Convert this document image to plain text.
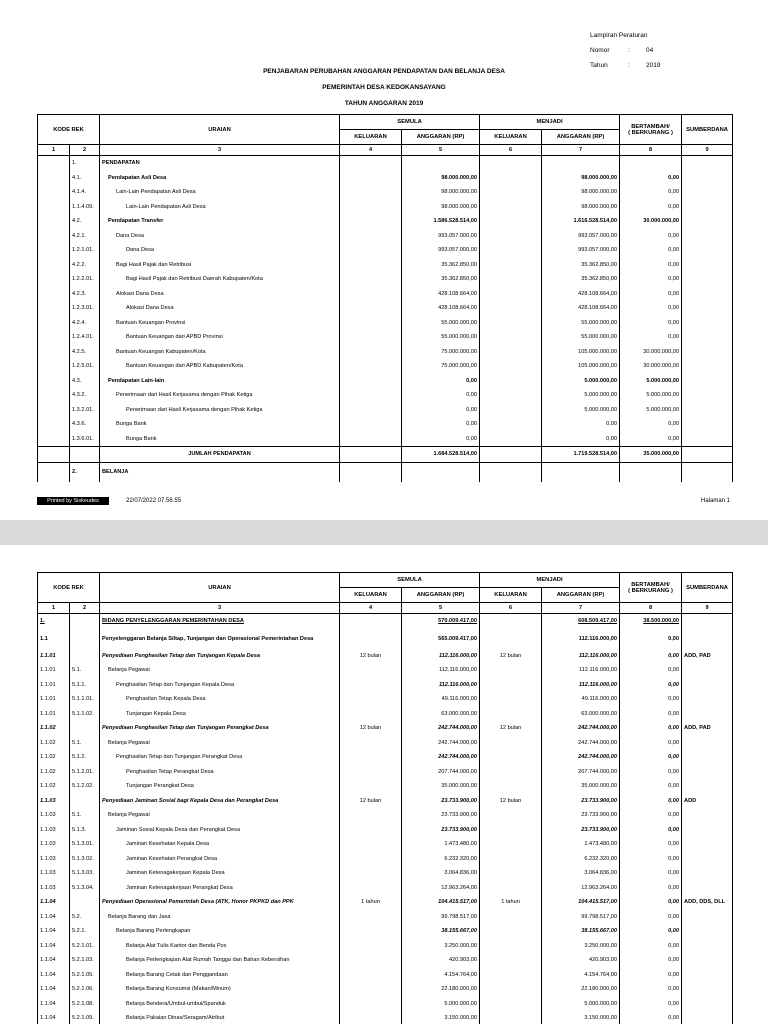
Lampiran Peraturan
Nomor	:	04
Tahun	:	2019
PENJABARAN PERUBAHAN ANGGARAN PENDAPATAN DAN BELANJA DESA
PEMERINTAH DESA KEDOKANSAYANG
TAHUN ANGGARAN 2019
KODE REK		URAIAN	SEMULA		MENJADI		BERTAMBAH/
( BERKURANG )	SUMBERDANA
			KELUARAN	ANGGARAN (RP)	KELUARAN	ANGGARAN (RP)		
1	2	3	4	5	6	7	8	9
	1.	PENDAPATAN						
	4.1.	Pendapatan Asli Desa		98.000.000,00		98.000.000,00	0,00	
	4.1.4.	Lain-Lain Pendapatan Asli Desa		98.000.000,00		98.000.000,00	0,00	
	1.1.4.09.	Lain-Lain Pendapatan Asli Desa		98.000.000,00		98.000.000,00	0,00	
	4.2.	Pendapatan Transfer		1.586.528.514,00		1.616.528.514,00	30.000.000,00	
	4.2.1.	Dana Desa		993.057.000,00		993.057.000,00	0,00	
	1.2.1.01.	Dana Desa		993.057.000,00		993.057.000,00	0,00	
	4.2.2.	Bagi Hasil Pajak dan Retribusi		35.362.850,00		35.362.850,00	0,00	
	1.2.2.01.	Bagi Hasil Pajak dan Retribusi Daerah Kabupaten/Kota		35.362.850,00		35.362.850,00	0,00	
	4.2.3.	Alokasi Dana Desa		428.108.664,00		428.108.664,00	0,00	
	1.2.3.01.	Alokasi Dana Desa		428.108.664,00		428.108.664,00	0,00	
	4.2.4.	Bantuan Keuangan Provinsi		55.000.000,00		55.000.000,00	0,00	
	1.2.4.01.	Bantuan Keuangan dari APBD Provinsi		55.000.000,00		55.000.000,00	0,00	
	4.2.5.	Bantuan Keuangan Kabupaten/Kota		75.000.000,00		105.000.000,00	30.000.000,00	
	1.2.5.01.	Bantuan Keuangan dari APBD Kabupaten/Kota		75.000.000,00		105.000.000,00	30.000.000,00	
	4.3.	Pendapatan Lain-lain		0,00		5.000.000,00	5.000.000,00	
	4.3.2.	Penerimaan dari Hasil Kerjasama dengan Pihak Ketiga		0,00		5.000.000,00	5.000.000,00	
	1.3.2.01.	Penerimaan dari Hasil Kerjasama dengan Pihak Ketiga		0,00		5.000.000,00	5.000.000,00	
	4.3.6.	Bunga Bank		0,00		0,00	0,00	
	1.3.6.01.	Bunga Bank		0,00		0,00	0,00	
		JUMLAH PENDAPATAN		1.684.528.514,00		1.719.528.514,00	35.000.000,00	
	2.	BELANJA						
Printed by Siskeudes	22/07/2022 07.56.55	Halaman 1
KODE REK		URAIAN	SEMULA		MENJADI		BERTAMBAH/
( BERKURANG )	SUMBERDANA
			KELUARAN	ANGGARAN (RP)	KELUARAN	ANGGARAN (RP)		
1	2	3	4	5	6	7	8	9
1.		BIDANG PENYELENGGARAN PEMERINTAHAN DESA		570.009.417,00		608.509.417,00	38.500.000,00	
1.1		Penyelenggaran Belanja Siltap, Tunjangan dan Operasional Pemerintahan Desa		565.009.417,00		112.116.000,00	0,00	
1.1.01		Penyediaan Penghasilan Tetap dan Tunjangan Kepala Desa	12 bulan	112.116.000,00	12 bulan	112.116.000,00	0,00	ADD, PAD
1.1.01	5.1.	Belanja Pegawai		112.116.000,00		112.116.000,00	0,00	
1.1.01	5.1.1.	Penghasilan Tetap dan Tunjangan Kepala Desa		112.116.000,00		112.116.000,00	0,00	
1.1.01	5.1.1.01.	Penghasilan Tetap Kepala Desa		49.116.000,00		49.116.000,00	0,00	
1.1.01	5.1.1.02.	Tunjangan Kepala Desa		63.000.000,00		63.000.000,00	0,00	
1.1.02		Penyediaan Penghasilan Tetap dan Tunjangan Perangkat Desa	12 bulan	242.744.000,00	12 bulan	242.744.000,00	0,00	ADD, PAD
1.1.02	5.1.	Belanja Pegawai		242.744.000,00		242.744.000,00	0,00	
1.1.02	5.1.2.	Penghasilan Tetap dan Tunjangan Perangkat Desa		242.744.000,00		242.744.000,00	0,00	
1.1.02	5.1.2.01.	Penghasilan Tetap Perangkat Desa		207.744.000,00		207.744.000,00	0,00	
1.1.02	5.1.2.02.	Tunjangan Perangkat Desa		35.000.000,00		35.000.000,00	0,00	
1.1.03		Penyediaan Jaminan Sosial bagi Kepala Desa dan Perangkat Desa	12 bulan	23.733.900,00	12 bulan	23.733.900,00	0,00	ADD
1.1.03	5.1.	Belanja Pegawai		23.733.900,00		23.733.900,00	0,00	
1.1.03	5.1.3.	Jaminan Sosial Kepala Desa dan Perangkat Desa		23.733.900,00		23.733.900,00	0,00	
1.1.03	5.1.3.01.	Jaminan Kesehatan Kepala Desa		1.473.480,00		1.473.480,00	0,00	
1.1.03	5.1.3.02.	Jaminan Kesehatan Perangkat Desa		6.232.320,00		6.232.320,00	0,00	
1.1.03	5.1.3.03.	Jaminan Ketenagakerjaan Kepala Desa		3.064.836,00		3.064.836,00	0,00	
1.1.03	5.1.3.04.	Jaminan Ketenagakerjaan Perangkat Desa		12.963.264,00		12.963.264,00	0,00	
1.1.04		Penyediaan Operasional Pemerintah Desa (ATK, Honor PKPKD dan PPK	1 tahun	104.415.517,00	1 tahun	104.415.517,00	0,00	ADD, DDS, DLL
1.1.04	5.2.	Belanja Barang dan Jasa		99.798.517,00		99.798.517,00	0,00	
1.1.04	5.2.1.	Belanja Barang Perlengkapan		38.155.667,00		38.155.667,00	0,00	
1.1.04	5.2.1.01.	Belanja Alat Tulis Kantor dan Benda Pos		3.250.000,00		3.250.000,00	0,00	
1.1.04	5.2.1.03.	Belanja Perlengkapan Alat Rumah Tangga dan Bahan Kebersihan		420.903,00		420.903,00	0,00	
1.1.04	5.2.1.05.	Belanja Barang Cetak dan Penggandaan		4.154.764,00		4.154.764,00	0,00	
1.1.04	5.2.1.06.	Belanja Barang Konsumsi (Makan/Minum)		22.180.000,00		22.180.000,00	0,00	
1.1.04	5.2.1.08.	Belanja Bendera/Umbul-umbul/Spanduk		5.000.000,00		5.000.000,00	0,00	
1.1.04	5.2.1.09.	Belanja Pakaian Dinas/Seragam/Atribut		3.150.000,00		3.150.000,00	0,00	
